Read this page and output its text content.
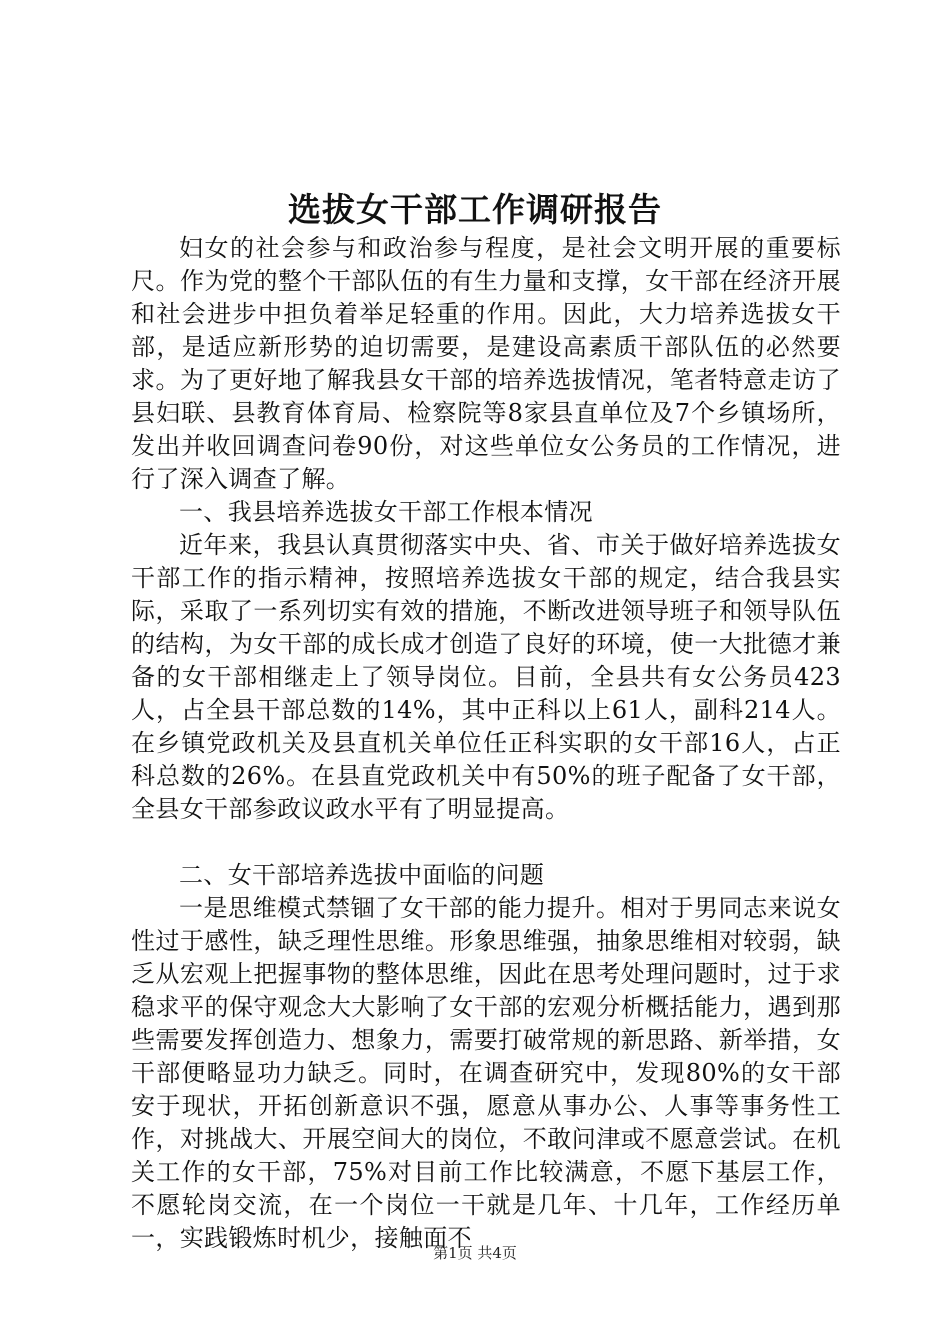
选拔女干部工作调研报告

妇女的社会参与和政治参与程度，是社会文明开展的重要标尺。作为党的整个干部队伍的有生力量和支撑，女干部在经济开展和社会进步中担负着举足轻重的作用。因此，大力培养选拔女干部，是适应新形势的迫切需要，是建设高素质干部队伍的必然要求。为了更好地了解我县女干部的培养选拔情况，笔者特意走访了县妇联、县教育体育局、检察院等8家县直单位及7个乡镇场所，发出并收回调查问卷90份，对这些单位女公务员的工作情况，进行了深入调查了解。

一、我县培养选拔女干部工作根本情况

近年来，我县认真贯彻落实中央、省、市关于做好培养选拔女干部工作的指示精神，按照培养选拔女干部的规定，结合我县实际，采取了一系列切实有效的措施，不断改进领导班子和领导队伍的结构，为女干部的成长成才创造了良好的环境，使一大批德才兼备的女干部相继走上了领导岗位。目前，全县共有女公务员423人，占全县干部总数的14%，其中正科以上61人，副科214人。在乡镇党政机关及县直机关单位任正科实职的女干部16人，占正科总数的26%。在县直党政机关中有50%的班子配备了女干部，全县女干部参政议政水平有了明显提高。

二、女干部培养选拔中面临的问题

一是思维模式禁锢了女干部的能力提升。相对于男同志来说女性过于感性，缺乏理性思维。形象思维强，抽象思维相对较弱，缺乏从宏观上把握事物的整体思维，因此在思考处理问题时，过于求稳求平的保守观念大大影响了女干部的宏观分析概括能力，遇到那些需要发挥创造力、想象力，需要打破常规的新思路、新举措，女干部便略显功力缺乏。同时，在调查研究中，发现80%的女干部安于现状，开拓创新意识不强，愿意从事办公、人事等事务性工作，对挑战大、开展空间大的岗位，不敢问津或不愿意尝试。在机关工作的女干部，75%对目前工作比较满意，不愿下基层工作，不愿轮岗交流，在一个岗位一干就是几年、十几年，工作经历单一，实践锻炼时机少，接触面不

第1页 共4页
